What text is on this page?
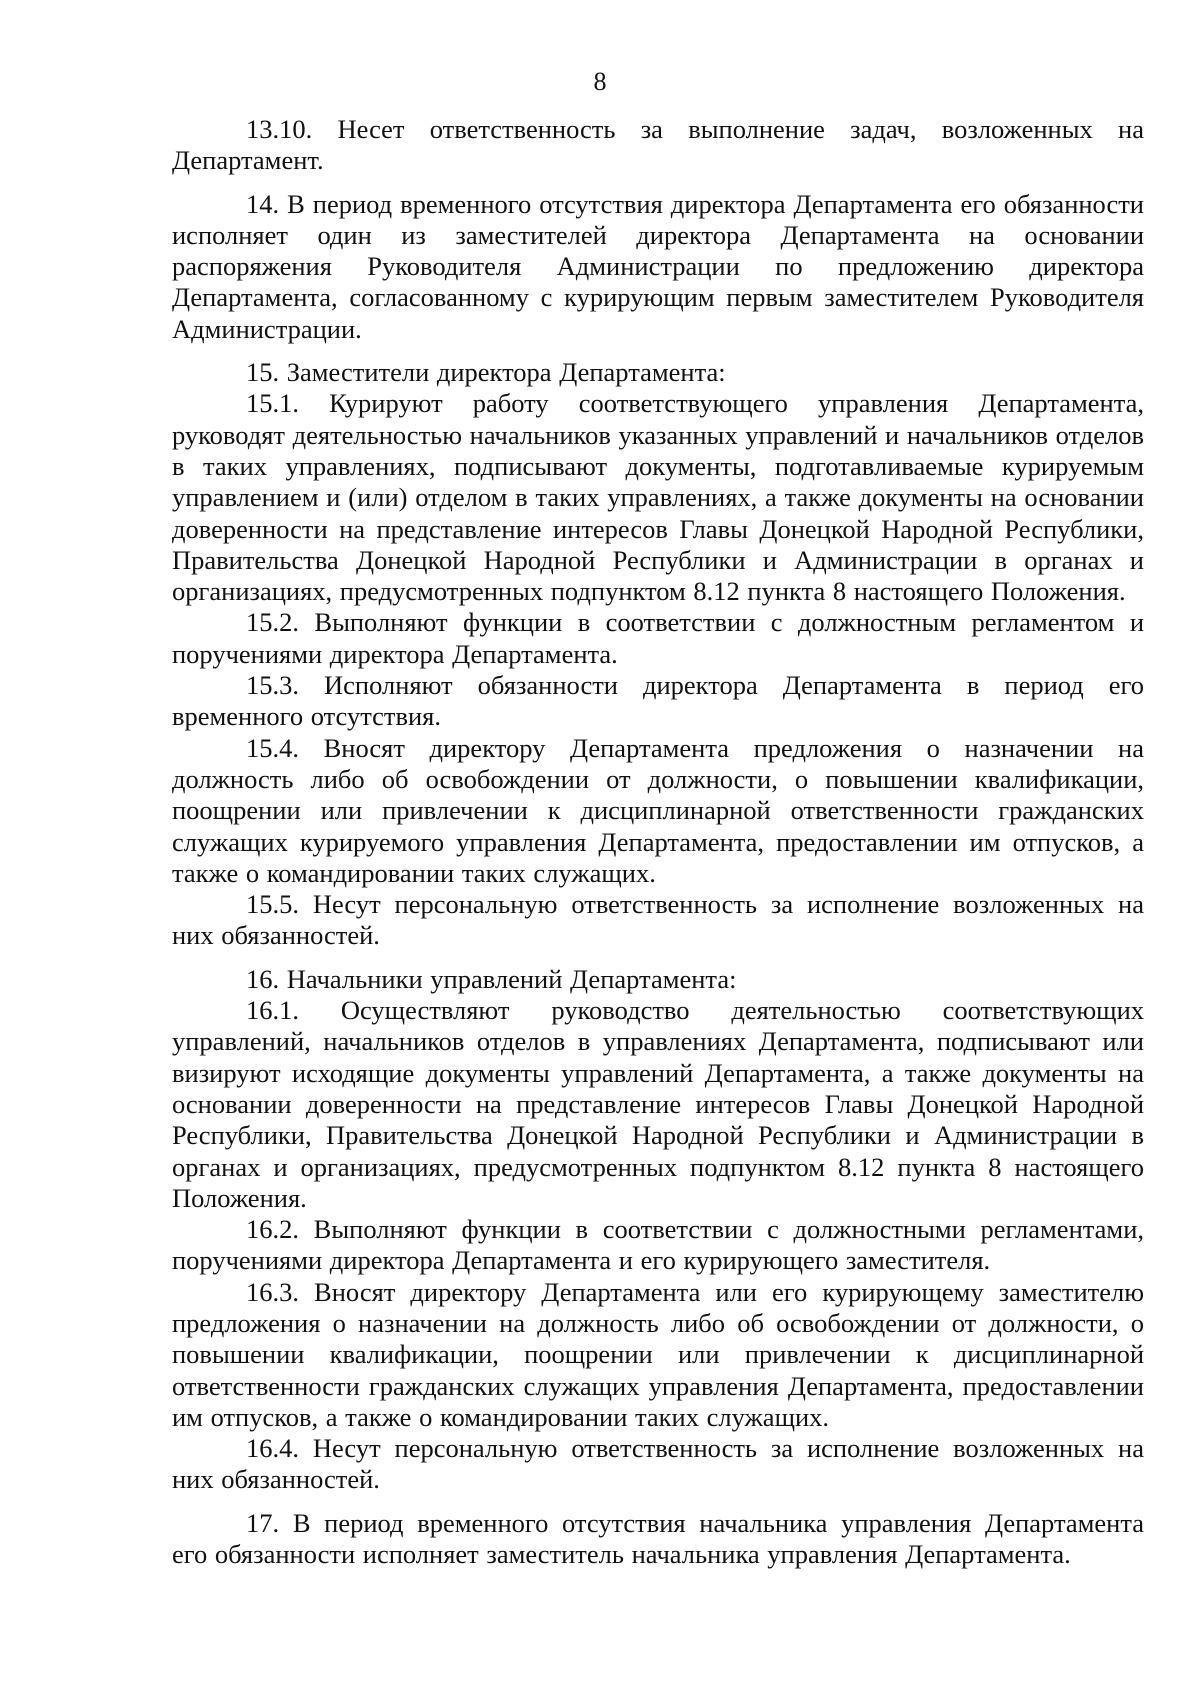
8

13.10. Несет ответственность за выполнение задач, возложенных на Департамент.

14. В период временного отсутствия директора Департамента его обязанности исполняет один из заместителей директора Департамента на основании распоряжения Руководителя Администрации по предложению директора Департамента, согласованному с курирующим первым заместителем Руководителя Администрации.

15. Заместители директора Департамента:

15.1. Курируют работу соответствующего управления Департамента, руководят деятельностью начальников указанных управлений и начальников отделов в таких управлениях, подписывают документы, подготавливаемые курируемым управлением и (или) отделом в таких управлениях, а также документы на основании доверенности на представление интересов Главы Донецкой Народной Республики, Правительства Донецкой Народной Республики и Администрации в органах и организациях, предусмотренных подпунктом 8.12 пункта 8 настоящего Положения.

15.2. Выполняют функции в соответствии с должностным регламентом и поручениями директора Департамента.

15.3. Исполняют обязанности директора Департамента в период его временного отсутствия.

15.4. Вносят директору Департамента предложения о назначении на должность либо об освобождении от должности, о повышении квалификации, поощрении или привлечении к дисциплинарной ответственности гражданских служащих курируемого управления Департамента, предоставлении им отпусков, а также о командировании таких служащих.

15.5. Несут персональную ответственность за исполнение возложенных на них обязанностей.

16. Начальники управлений Департамента:

16.1. Осуществляют руководство деятельностью соответствующих управлений, начальников отделов в управлениях Департамента, подписывают или визируют исходящие документы управлений Департамента, а также документы на основании доверенности на представление интересов Главы Донецкой Народной Республики, Правительства Донецкой Народной Республики и Администрации в органах и организациях, предусмотренных подпунктом 8.12 пункта 8 настоящего Положения.

16.2. Выполняют функции в соответствии с должностными регламентами, поручениями директора Департамента и его курирующего заместителя.

16.3. Вносят директору Департамента или его курирующему заместителю предложения о назначении на должность либо об освобождении от должности, о повышении квалификации, поощрении или привлечении к дисциплинарной ответственности гражданских служащих управления Департамента, предоставлении им отпусков, а также о командировании таких служащих.

16.4. Несут персональную ответственность за исполнение возложенных на них обязанностей.

17. В период временного отсутствия начальника управления Департамента его обязанности исполняет заместитель начальника управления Департамента.
